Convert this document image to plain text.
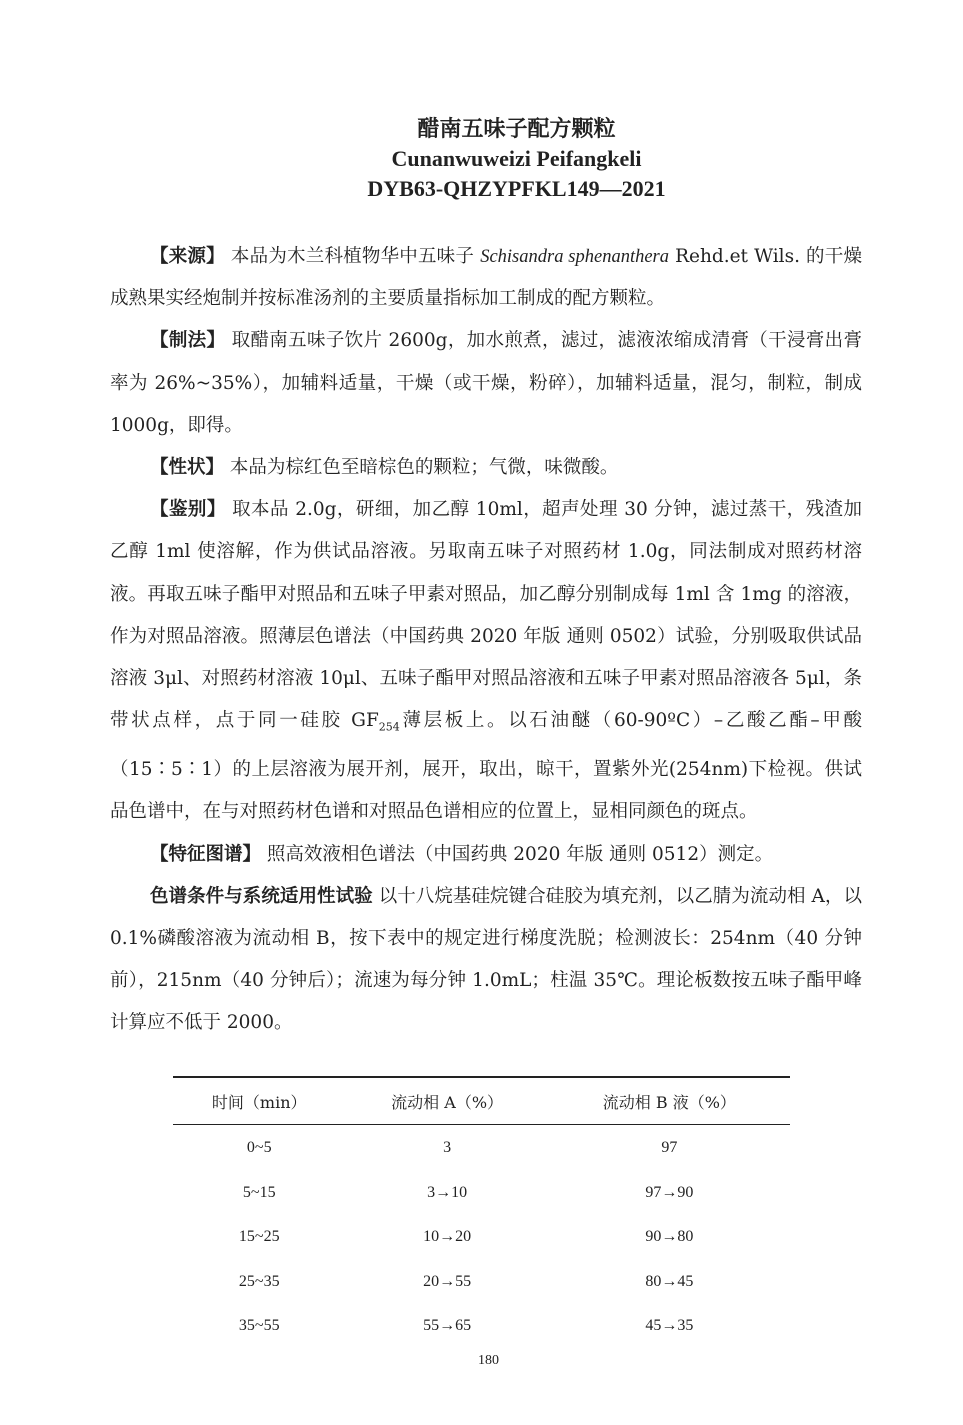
醋南五味子配方颗粒
Cunanwuweizi Peifangkeli
DYB63-QHZYPFKL149—2021

【来源】 本品为木兰科植物华中五味子 Schisandra sphenanthera Rehd.et Wils. 的干燥成熟果实经炮制并按标准汤剂的主要质量指标加工制成的配方颗粒。

【制法】 取醋南五味子饮片 2600g，加水煎煮，滤过，滤液浓缩成清膏（干浸膏出膏率为 26%~35%），加辅料适量，干燥（或干燥，粉碎），加辅料适量，混匀，制粒，制成 1000g，即得。

【性状】 本品为棕红色至暗棕色的颗粒；气微，味微酸。

【鉴别】 取本品 2.0g，研细，加乙醇 10ml，超声处理 30 分钟，滤过蒸干，残渣加乙醇 1ml 使溶解，作为供试品溶液。另取南五味子对照药材 1.0g，同法制成对照药材溶液。再取五味子酯甲对照品和五味子甲素对照品，加乙醇分别制成每 1ml 含 1mg 的溶液，作为对照品溶液。照薄层色谱法（中国药典 2020 年版 通则 0502）试验，分别吸取供试品溶液 3μl、对照药材溶液 10μl、五味子酯甲对照品溶液和五味子甲素对照品溶液各 5μl，条带状点样，点于同一硅胶 $GF_{254}$薄层板上。以石油醚（60-90ºC）–乙酸乙酯–甲酸（15∶5∶1）的上层溶液为展开剂，展开，取出，晾干，置紫外光(254nm)下检视。供试品色谱中，在与对照药材色谱和对照品色谱相应的位置上，显相同颜色的斑点。

【特征图谱】 照高效液相色谱法（中国药典 2020 年版 通则 0512）测定。

色谱条件与系统适用性试验 以十八烷基硅烷键合硅胶为填充剂，以乙腈为流动相 A，以 0.1%磷酸溶液为流动相 B，按下表中的规定进行梯度洗脱；检测波长：254nm（40 分钟前），215nm（40 分钟后）；流速为每分钟 1.0mL；柱温 35℃。理论板数按五味子酯甲峰计算应不低于 2000。

时间（min）	流动相 A（%）	流动相 B 液（%）
0~5	3	97
5~15	3→10	97→90
15~25	10→20	90→80
25~35	20→55	80→45
35~55	55→65	45→35
180
